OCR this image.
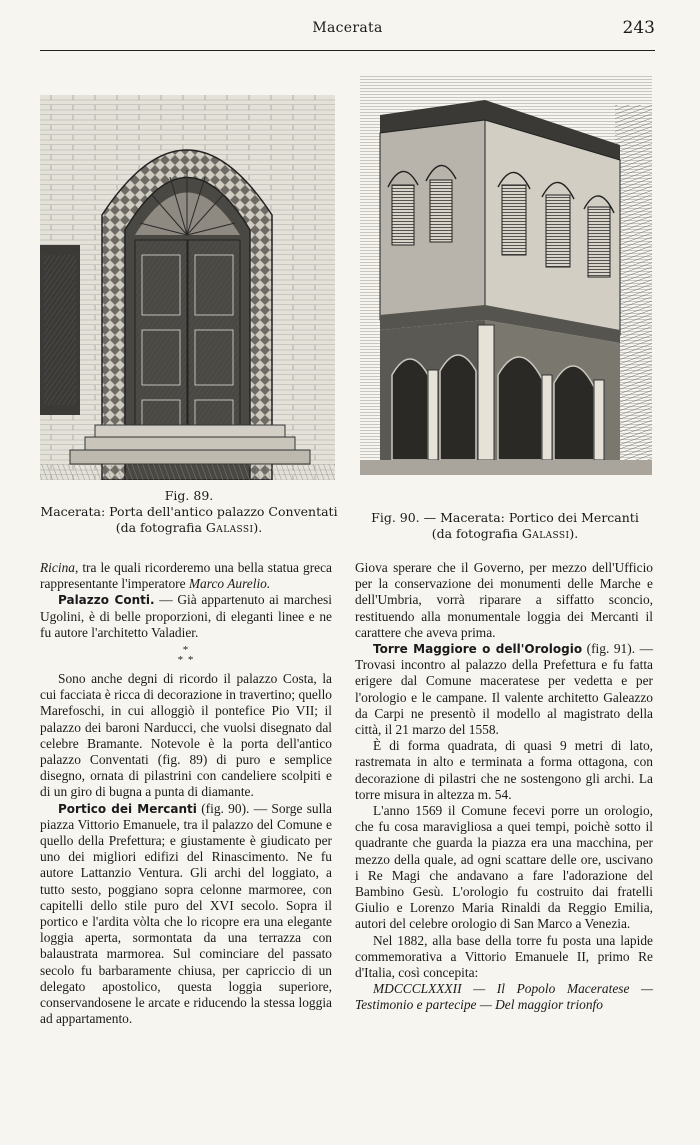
Macerata	243
Fig. 89.
Macerata: Porta dell'antico palazzo Conventati
(da fotografia Galassi).
Fig. 90. — Macerata: Portico dei Mercanti
(da fotografia Galassi).

Ricina, tra le quali ricorderemo una bella statua greca rappresentante l'imperatore Marco Aurelio.

Palazzo Conti. — Già appartenuto ai marchesi Ugolini, è di belle proporzioni, di eleganti linee e ne fu autore l'architetto Valadier.

*
* *

Sono anche degni di ricordo il palazzo Costa, la cui facciata è ricca di decorazione in travertino; quello Marefoschi, in cui alloggiò il pontefice Pio VII; il palazzo dei baroni Narducci, che vuolsi disegnato dal celebre Bramante. Notevole è la porta dell'antico palazzo Conventati (fig. 89) di puro e semplice disegno, ornata di pilastrini con candeliere scolpiti e di un giro di bugna a punta di diamante.

Portico dei Mercanti (fig. 90). — Sorge sulla piazza Vittorio Emanuele, tra il palazzo del Comune e quello della Prefettura; e giustamente è giudicato per uno dei migliori edifizi del Rinascimento. Ne fu autore Lattanzio Ventura. Gli archi del loggiato, a tutto sesto, poggiano sopra celonne marmoree, con capitelli dello stile puro del XVI secolo. Sopra il portico e l'ardita vòlta che lo ricopre era una elegante loggia aperta, sormontata da una terrazza con balaustrata marmorea. Sul cominciare del passato secolo fu barbaramente chiusa, per capriccio di un delegato apostolico, questa loggia superiore, conservandosene le arcate e riducendo la stessa loggia ad appartamento.

Giova sperare che il Governo, per mezzo dell'Ufficio per la conservazione dei monumenti delle Marche e dell'Umbria, vorrà riparare a siffatto sconcio, restituendo alla monumentale loggia dei Mercanti il carattere che aveva prima.

Torre Maggiore o dell'Orologio (fig. 91). — Trovasi incontro al palazzo della Prefettura e fu fatta erigere dal Comune maceratese per vedetta e per l'orologio e le campane. Il valente architetto Galeazzo da Carpi ne presentò il modello al magistrato della città, il 21 marzo del 1558.

È di forma quadrata, di quasi 9 metri di lato, rastremata in alto e terminata a forma ottagona, con decorazione di pilastri che ne sostengono gli archi. La torre misura in altezza m. 54.

L'anno 1569 il Comune fecevi porre un orologio, che fu cosa maravigliosa a quei tempi, poichè sotto il quadrante che guarda la piazza era una macchina, per mezzo della quale, ad ogni scattare delle ore, uscivano i Re Magi che andavano a fare l'adorazione del Bambino Gesù. L'orologio fu costruito dai fratelli Giulio e Lorenzo Maria Rinaldi da Reggio Emilia, autori del celebre orologio di San Marco a Venezia.

Nel 1882, alla base della torre fu posta una lapide commemorativa a Vittorio Emanuele II, primo Re d'Italia, così concepita:

MDCCCLXXXII — Il Popolo Maceratese — Testimonio e partecipe — Del maggior trionfo
